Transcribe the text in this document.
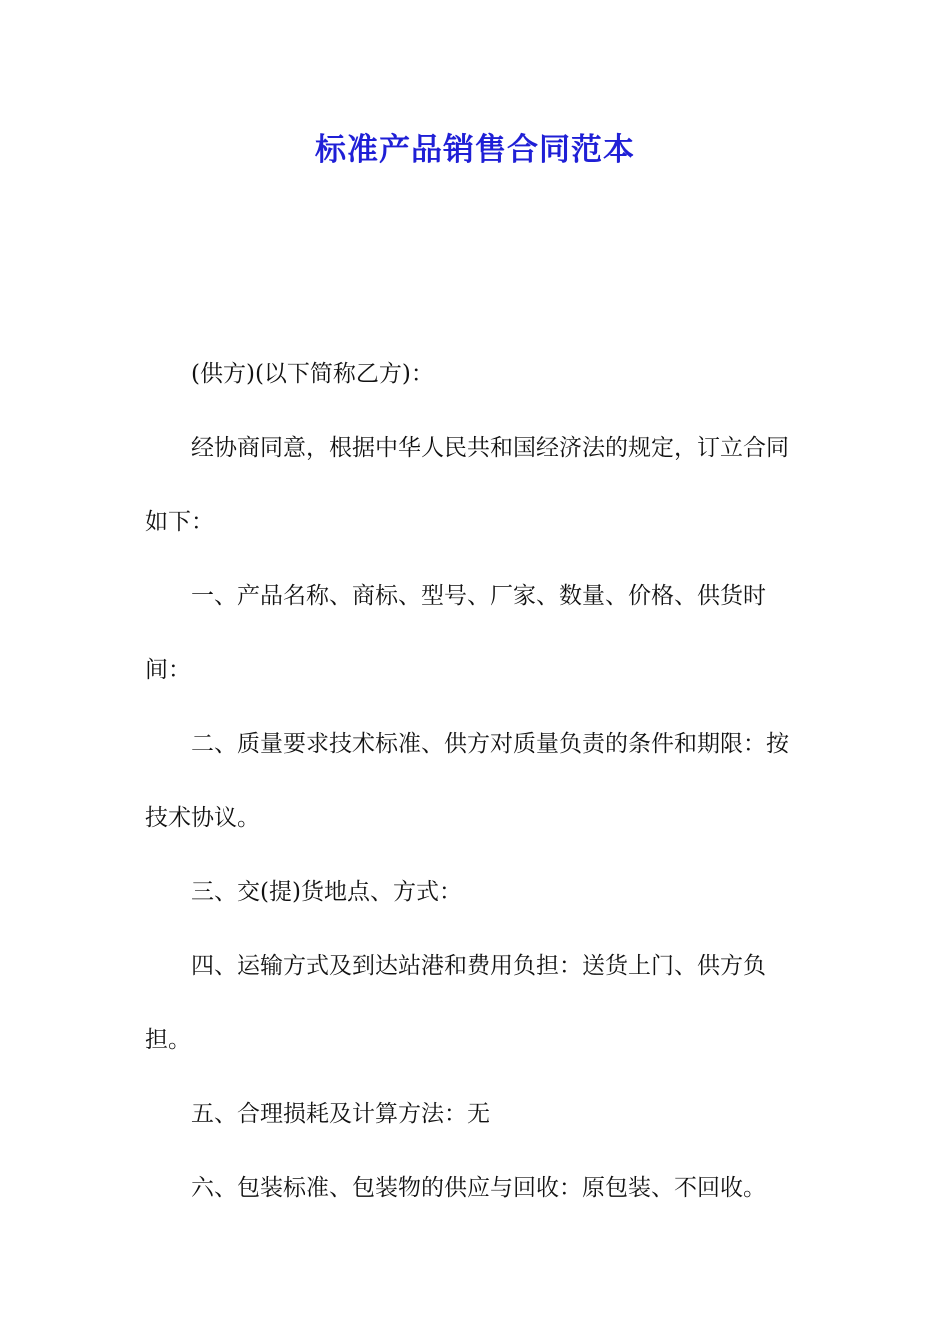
标准产品销售合同范本

(供方)(以下简称乙方)：

经协商同意，根据中华人民共和国经济法的规定，订立合同如下：

一、产品名称、商标、型号、厂家、数量、价格、供货时间：

二、质量要求技术标准、供方对质量负责的条件和期限：按技术协议。

三、交(提)货地点、方式：

四、运输方式及到达站港和费用负担：送货上门、供方负担。

五、合理损耗及计算方法：无

六、包装标准、包装物的供应与回收：原包装、不回收。
